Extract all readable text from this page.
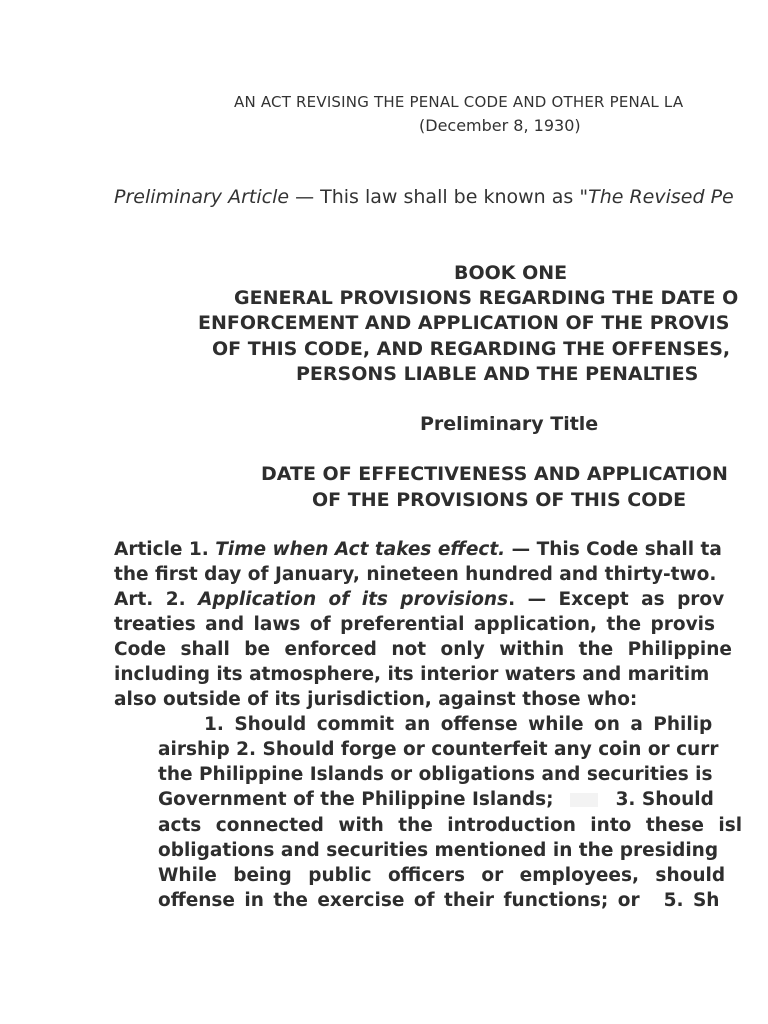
AN ACT REVISING THE PENAL CODE AND OTHER PENAL LA
(December 8, 1930)
Preliminary Article — This law shall be known as "The Revised Pe
BOOK ONE
GENERAL PROVISIONS REGARDING THE DATE O
ENFORCEMENT AND APPLICATION OF THE PROVIS
OF THIS CODE, AND REGARDING THE OFFENSES,
PERSONS LIABLE AND THE PENALTIES
Preliminary Title
DATE OF EFFECTIVENESS AND APPLICATION
OF THE PROVISIONS OF THIS CODE
Article 1. Time when Act takes effect. — This Code shall ta
the first day of January, nineteen hundred and thirty-two.
Art. 2. Application of its provisions. — Except as prov
treaties and laws of preferential application, the provis
Code shall be enforced not only within the Philippine
including its atmosphere, its interior waters and maritim
also outside of its jurisdiction, against those who:
1. Should commit an offense while on a Philip
airship 2. Should forge or counterfeit any coin or curr
the Philippine Islands or obligations and securities is
Government of the Philippine Islands;	3. Should
acts connected with the introduction into these isl
obligations and securities mentioned in the presiding
While being public officers or employees, should
offense in the exercise of their functions; or 5. Sh
